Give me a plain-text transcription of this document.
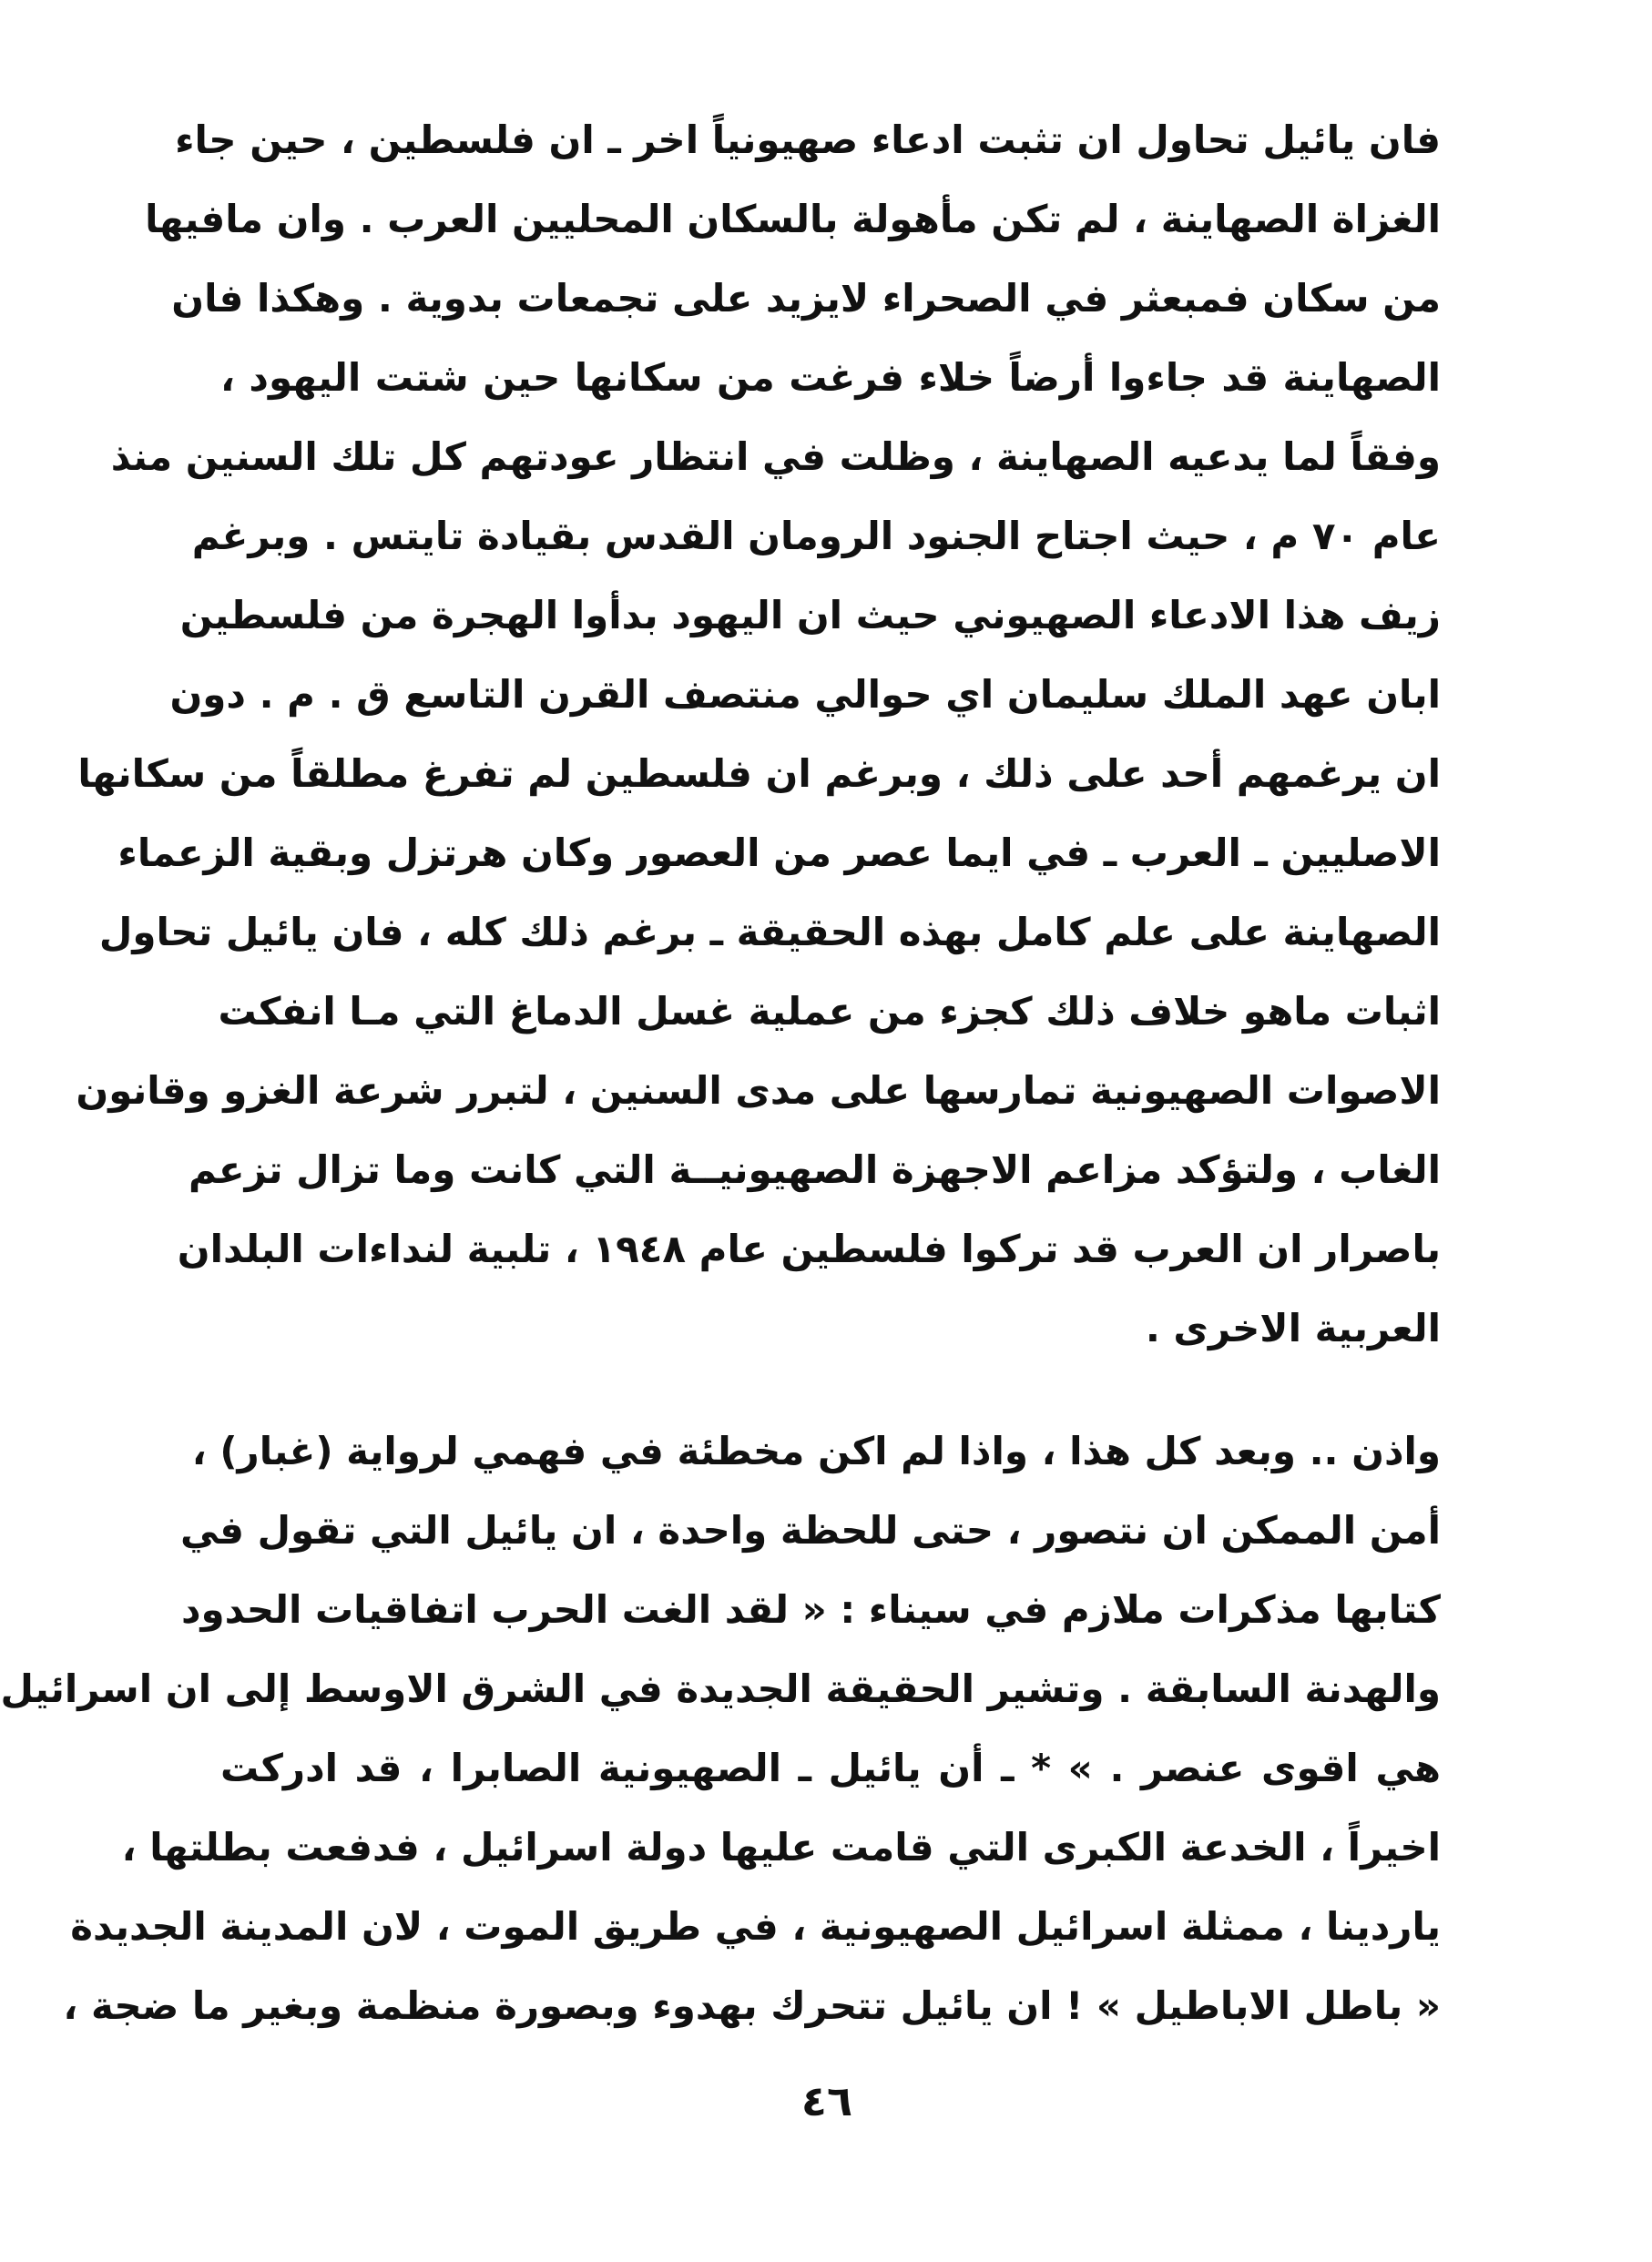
فان يائيل تحاول ان تثبت ادعاء صهيونياً اخر ـ ان فلسطين ، حين جاء
الغزاة الصهاينة ، لم تكن مأهولة بالسكان المحليين العرب . وان مافيها
من سكان فمبعثر في الصحراء لايزيد على تجمعات بدوية . وهكذا فان
الصهاينة قد جاءوا أرضاً خلاء فرغت من سكانها حين شتت اليهود ،
وفقاً لما يدعيه الصهاينة ، وظلت في انتظار عودتهم كل تلك السنين منذ
عام ٧٠ م ، حيث اجتاح الجنود الرومان القدس بقيادة تايتس . وبرغم
زيف هذا الادعاء الصهيوني حيث ان اليهود بدأوا الهجرة من فلسطين
ابان عهد الملك سليمان اي حوالي منتصف القرن التاسع ق . م . دون
ان يرغمهم أحد على ذلك ، وبرغم ان فلسطين لم تفرغ مطلقاً من سكانها
الاصليين ـ العرب ـ في ايما عصر من العصور وكان هرتزل وبقية الزعماء
الصهاينة على علم كامل بهذه الحقيقة ـ برغم ذلك كله ، فان يائيل تحاول
اثبات ماهو خلاف ذلك كجزء من عملية غسل الدماغ التي مـا انفكت
الاصوات الصهيونية تمارسها على مدى السنين ، لتبرر شرعة الغزو وقانون
الغاب ، ولتؤكد مزاعم الاجهزة الصهيونيــة التي كانت وما تزال تزعم
باصرار ان العرب قد تركوا فلسطين عام ١٩٤٨ ، تلبية لنداءات البلدان
العربية الاخرى .
واذن .. وبعد كل هذا ، واذا لم اكن مخطئة في فهمي لرواية (غبار) ،
أمن الممكن ان نتصور ، حتى للحظة واحدة ، ان يائيل التي تقول في
كتابها مذكرات ملازم في سيناء : « لقد الغت الحرب اتفاقيات الحدود
والهدنة السابقة . وتشير الحقيقة الجديدة في الشرق الاوسط إلى ان اسرائيل
هي اقوى عنصر . » * ـ أن يائيل ـ الصهيونية الصابرا ، قد ادركت
اخيراً ، الخدعة الكبرى التي قامت عليها دولة اسرائيل ، فدفعت بطلتها ،
ياردينا ، ممثلة اسرائيل الصهيونية ، في طريق الموت ، لان المدينة الجديدة
« باطل الاباطيل » ! ان يائيل تتحرك بهدوء وبصورة منظمة وبغير ما ضجة ،
٤٦
